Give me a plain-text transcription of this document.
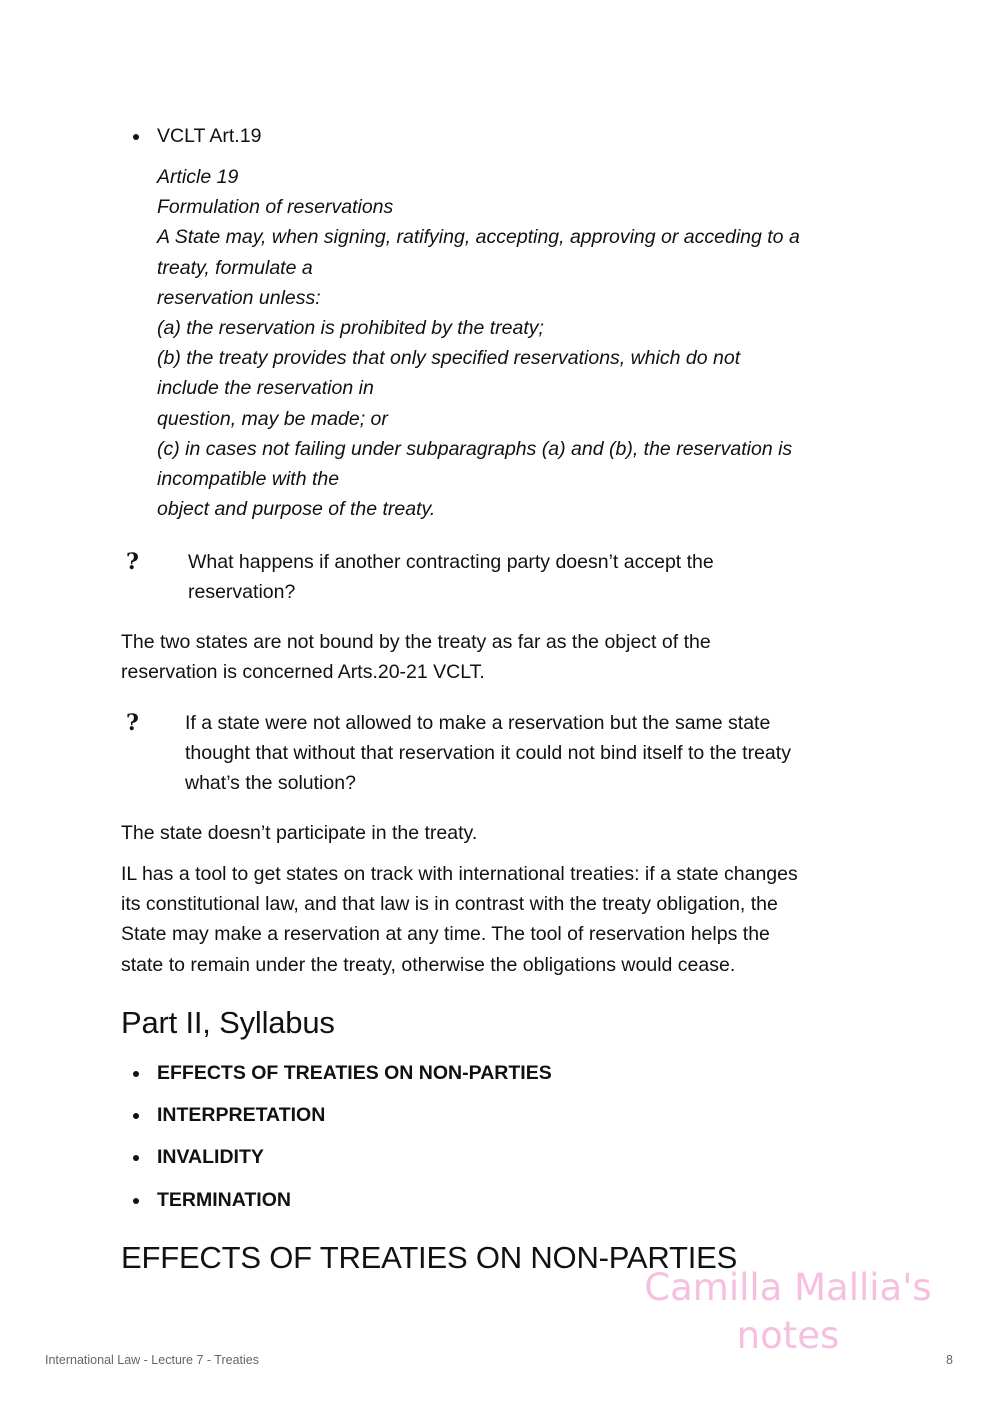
VCLT Art.19
Article 19
Formulation of reservations
A State may, when signing, ratifying, accepting, approving or acceding to a
treaty, formulate a
reservation unless:
(a) the reservation is prohibited by the treaty;
(b) the treaty provides that only specified reservations, which do not
include the reservation in
question, may be made; or
(c) in cases not failing under subparagraphs (a) and (b), the reservation is
incompatible with the
object and purpose of the treaty.
?	What happens if another contracting party doesn’t accept the
reservation?
The two states are not bound by the treaty as far as the object of the
reservation is concerned Arts.20-21 VCLT.
? If a state were not allowed to make a reservation but the same state
thought that without that reservation it could not bind itself to the treaty
what’s the solution?
The state doesn’t participate in the treaty.
IL has a tool to get states on track with international treaties: if a state changes
its constitutional law, and that law is in contrast with the treaty obligation, the
State may make a reservation at any time. The tool of reservation helps the
state to remain under the treaty, otherwise the obligations would cease.
Part II, Syllabus
EFFECTS OF TREATIES ON NON-PARTIES
INTERPRETATION
INVALIDITY
TERMINATION
EFFECTS OF TREATIES ON NON-PARTIES
Camilla Mallia's
notes
International Law - Lecture 7 - Treaties	8
